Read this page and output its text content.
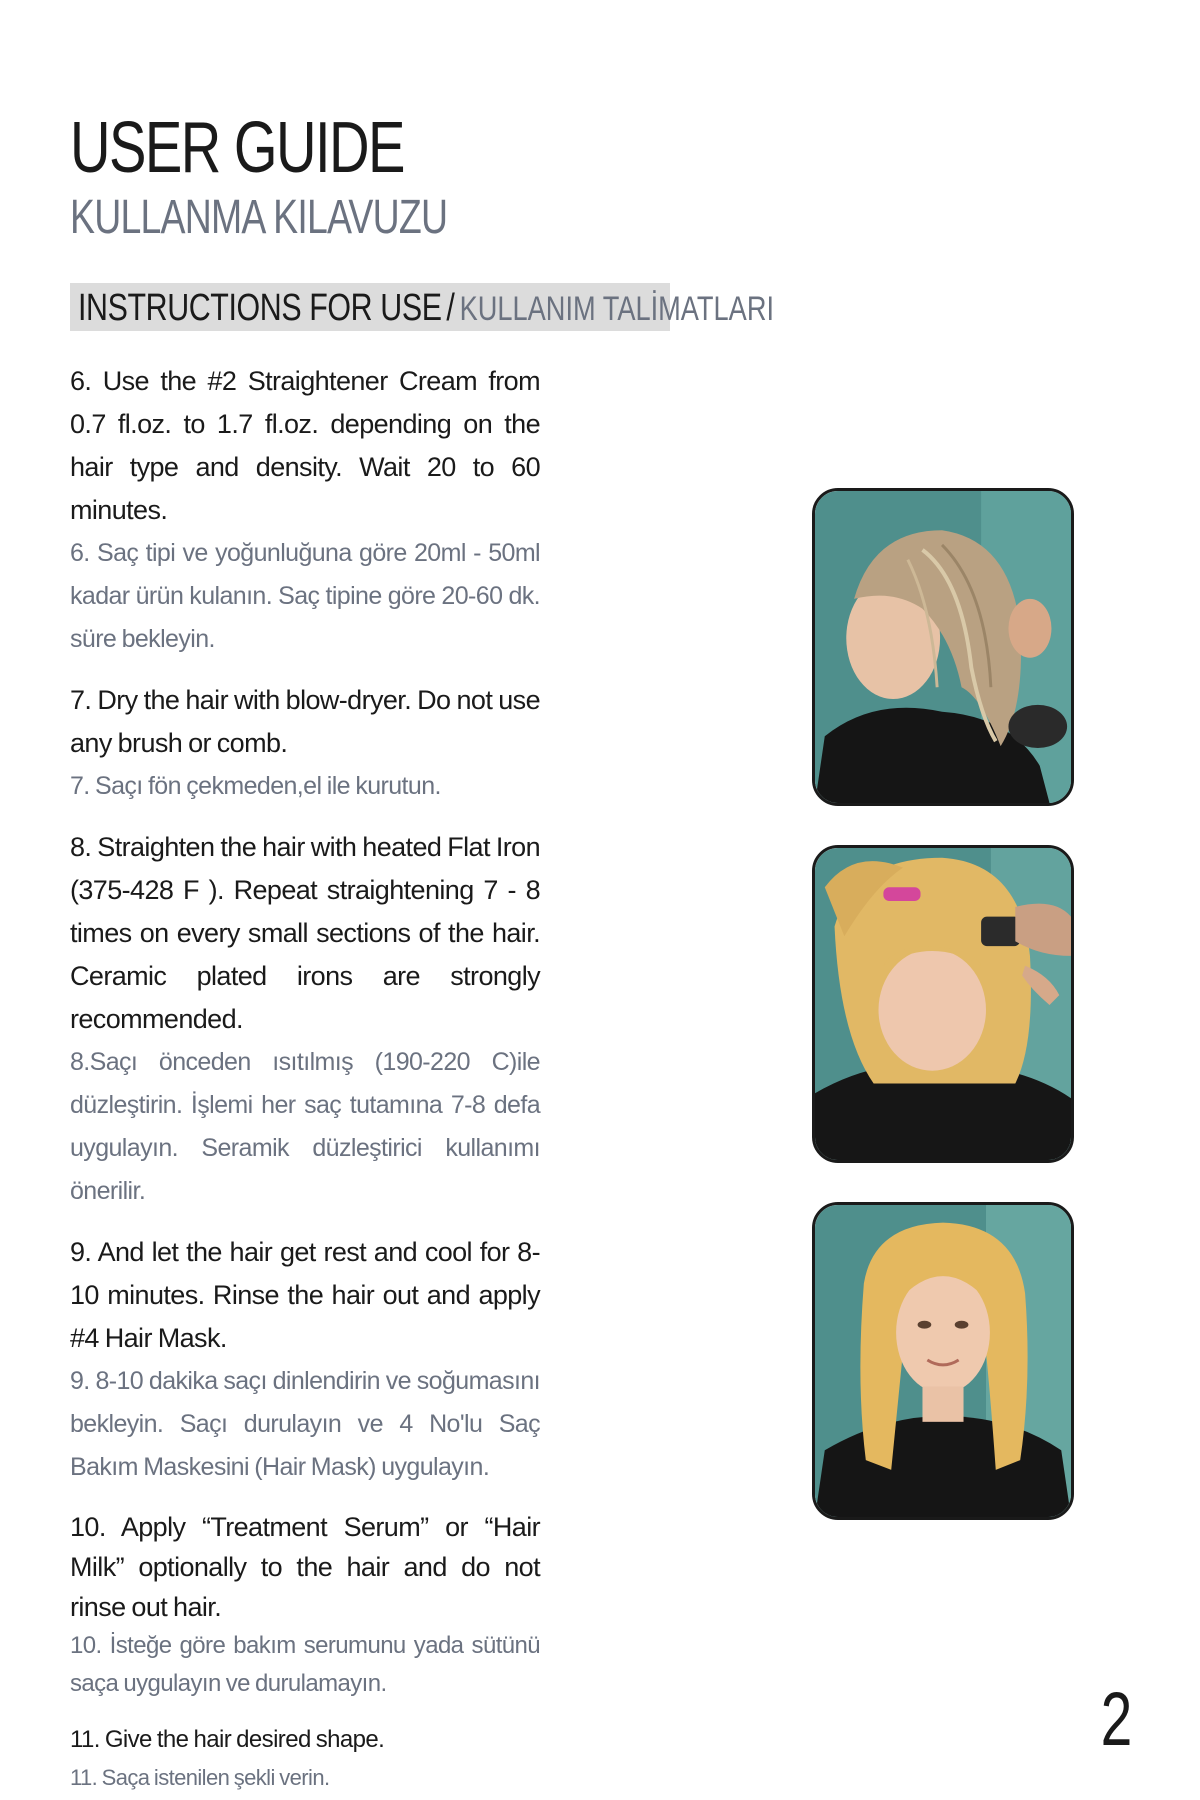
USER GUIDE
KULLANMA KILAVUZU
INSTRUCTIONS FOR USE / KULLANIM TALİMATLARI

6. Use the #2 Straightener Cream from 0.7 fl.oz. to 1.7 fl.oz. depending on the hair type and density. Wait 20 to 60 minutes.

6. Saç tipi ve yoğunluğuna göre 20ml - 50ml kadar ürün kulanın. Saç tipine göre 20-60 dk. süre bekleyin.

7. Dry the hair with blow-dryer. Do not use any brush or comb.

7. Saçı fön çekmeden,el ile kurutun.

8. Straighten the hair with heated Flat Iron (375-428 F ). Repeat straightening 7 - 8 times on every small sections of the hair. Ceramic plated irons are strongly recommended.

8.Saçı önceden ısıtılmış (190-220 C)ile düzleştirin. İşlemi her saç tutamına 7-8 defa uygulayın. Seramik düzleştirici kullanımı önerilir.

9. And let the hair get rest and cool for 8-10 minutes. Rinse the hair out and apply #4 Hair Mask.

9. 8-10 dakika saçı dinlendirin ve soğumasını bekleyin. Saçı durulayın ve 4 No'lu Saç Bakım Maskesini (Hair Mask) uygulayın.

10. Apply “Treatment Serum” or “Hair Milk” optionally to the hair and do not rinse out hair.

10. İsteğe göre bakım serumunu yada sütünü saça uygulayın ve durulamayın.

11. Give the hair desired shape.

11. Saça istenilen şekli verin.

2
